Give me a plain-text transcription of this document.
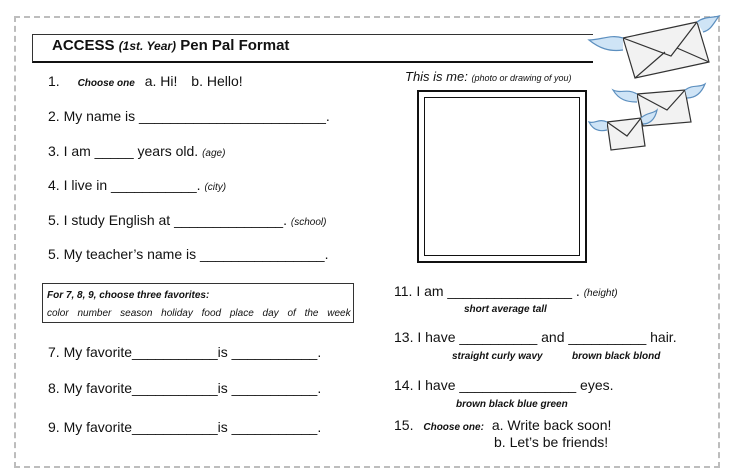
ACCESS (1st. Year) Pen Pal Format
1. Choose one a. Hi! b. Hello!
2. My name is ________________________.
3. I am _____ years old. (age)
4. I live in ___________. (city)
5. I study English at ______________. (school)
5. My teacher’s name is ________________.
For 7, 8, 9, choose three favorites:
color number season holiday food place day of the week
7. My favorite___________is ___________.
8. My favorite___________is ___________.
9. My favorite___________is ___________.
This is me: (photo or drawing of you)
11. I am ________________ . (height)
short average tall
13. I have __________ and __________ hair.
straight curly wavy	brown black blond
14. I have _______________ eyes.
brown black blue green
15. Choose one: a. Write back soon!
b. Let’s be friends!
